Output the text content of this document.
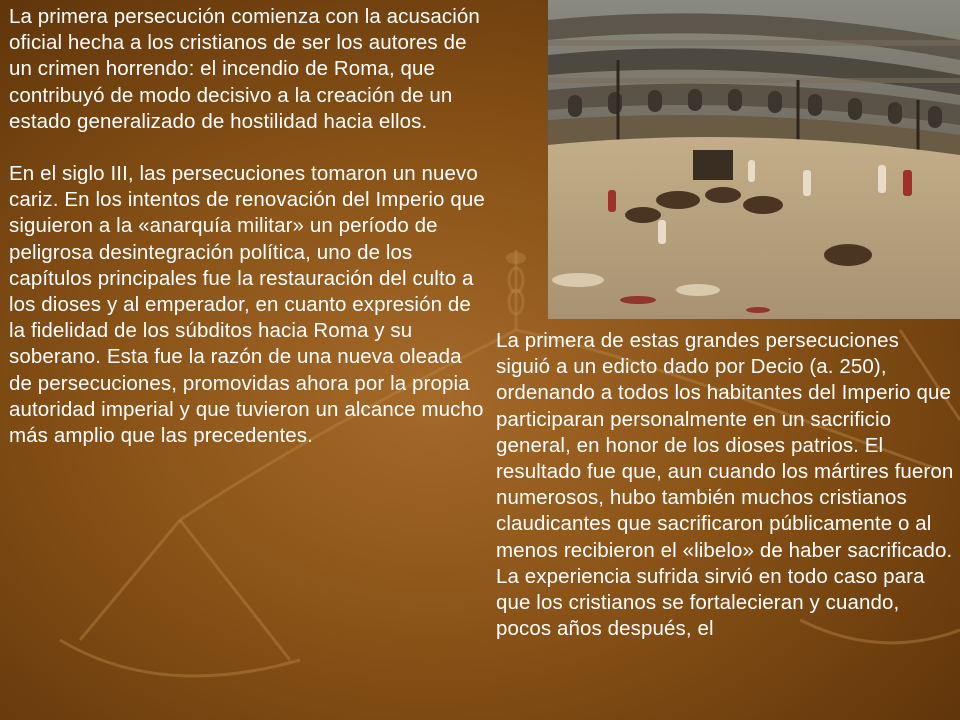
La primera persecución comienza con la acusación oficial hecha a los cristianos de ser los autores de un crimen horrendo: el incendio de Roma, que contribuyó de modo decisivo a la creación de un estado generalizado de hostilidad hacia ellos.

En el siglo III, las persecuciones tomaron un nuevo cariz. En los intentos de renovación del Imperio que siguieron a la «anarquía militar» un período de peligrosa desintegración política, uno de los capítulos principales fue la restauración del culto a los dioses y al emperador, en cuanto expresión de la fidelidad de los súbditos hacia Roma y su soberano. Esta fue la razón de una nueva oleada de persecuciones, promovidas ahora por la propia autoridad imperial y que tuvieron un alcance mucho más amplio que las precedentes.

La primera de estas grandes persecuciones siguió a un edicto dado por Decio (a. 250), ordenando a todos los habitantes del Imperio que participaran personalmente en un sacrificio general, en honor de los dioses patrios. El resultado fue que, aun cuando los mártires fueron numerosos, hubo también muchos cristianos claudicantes que sacrificaron públicamente o al menos recibieron el «libelo» de haber sacrificado. La experiencia sufrida sirvió en todo caso para que los cristianos se fortalecieran y cuando, pocos años después, el
